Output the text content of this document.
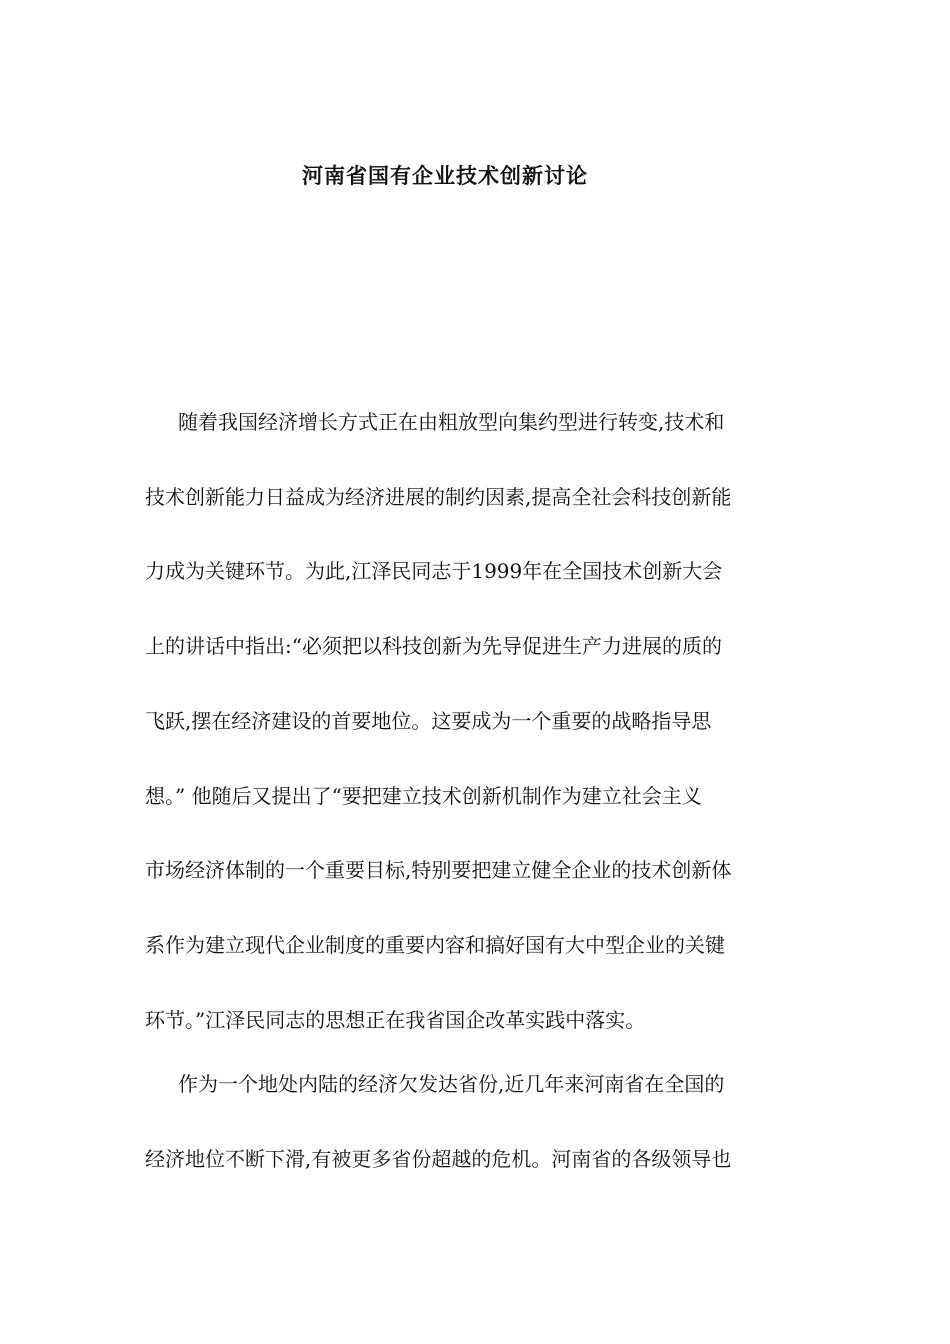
河南省国有企业技术创新讨论

随着我国经济增长方式正在由粗放型向集约型进行转变,技术和

技术创新能力日益成为经济进展的制约因素,提高全社会科技创新能

力成为关键环节。为此,江泽民同志于1999年在全国技术创新大会

上的讲话中指出:“必须把以科技创新为先导促进生产力进展的质的

飞跃,摆在经济建设的首要地位。这要成为一个重要的战略指导思

想。” 他随后又提出了“要把建立技术创新机制作为建立社会主义

市场经济体制的一个重要目标,特别要把建立健全企业的技术创新体

系作为建立现代企业制度的重要内容和搞好国有大中型企业的关键

环节。”江泽民同志的思想正在我省国企改革实践中落实。

作为一个地处内陆的经济欠发达省份,近几年来河南省在全国的

经济地位不断下滑,有被更多省份超越的危机。河南省的各级领导也
